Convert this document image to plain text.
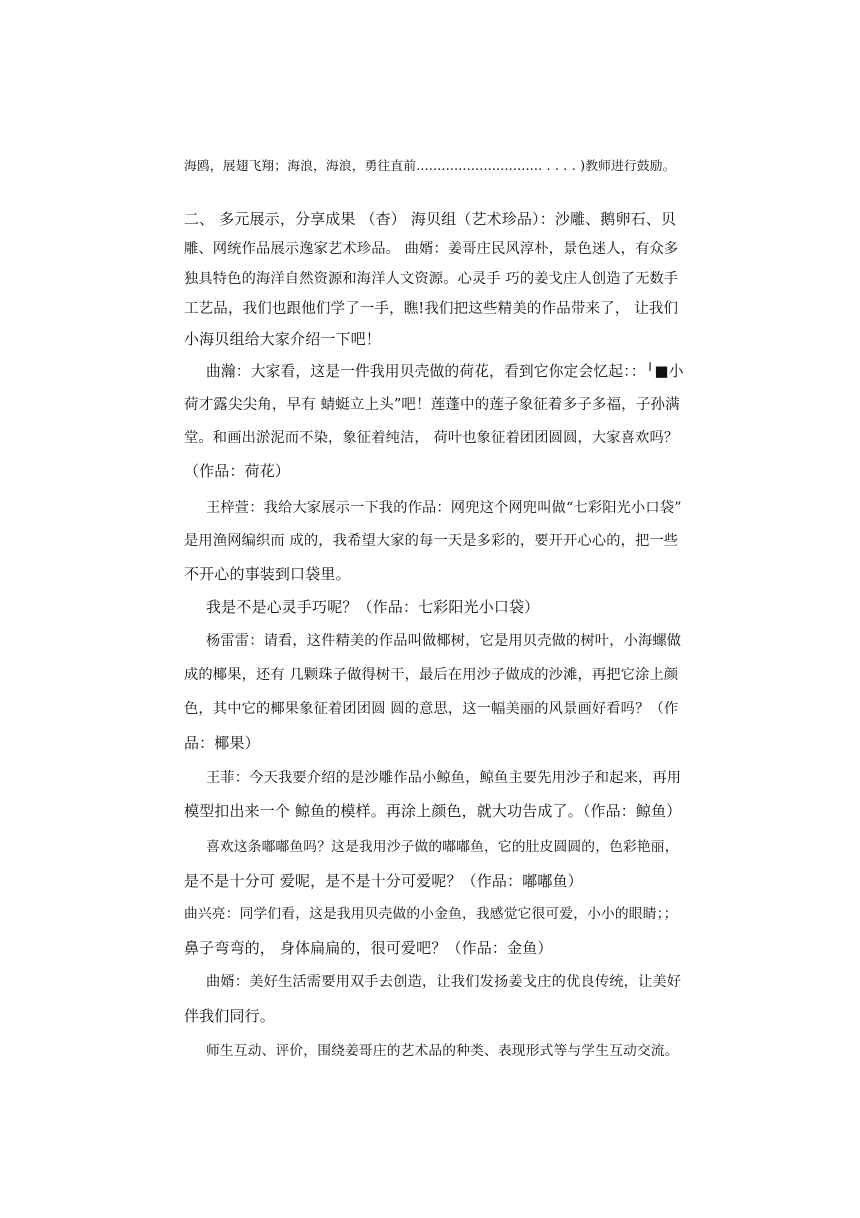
海鸥，展翅飞翔；海浪，海浪，勇往直前.............................. . . . . )教师进行鼓励。
二、 多元展示，分享成果 （杳） 海贝组（艺术珍品）：沙雕、鹅卵石、贝
雕、网统作品展示逸家艺术珍品。 曲婿：姜哥庄民风淳朴，景色迷人，有众多
独具特色的海洋自然资源和海洋人文资源。心灵手 巧的姜戈庄人创造了无数手
工艺品，我们也跟他们学了一手，瞧!我们把这些精美的作品带来了， 让我们
小海贝组给大家介绍一下吧！
曲瀚：大家看，这是一件我用贝壳做的荷花，看到它你定会忆起：：╵■小
荷才露尖尖角，早有 蜻蜓立上头”吧！莲蓬中的莲子象征着多子多福，子孙满
堂。和画出淤泥而不染，象征着纯洁， 荷叶也象征着团团圆圆，大家喜欢吗？
（作品：荷花）
王梓萱：我给大家展示一下我的作品：网兜这个网兜叫做“七彩阳光小口袋”
是用渔网编织而 成的，我希望大家的每一天是多彩的，要开开心心的，把一些
不开心的事装到口袋里。
我是不是心灵手巧呢？（作品：七彩阳光小口袋）
杨雷雷：请看，这件精美的作品叫做椰树，它是用贝壳做的树叶，小海螺做
成的椰果，还有 几颗珠子做得树干，最后在用沙子做成的沙滩，再把它涂上颜
色，其中它的椰果象征着团团圆 圆的意思，这一幅美丽的风景画好看吗？（作
品：椰果）
王菲：今天我要介绍的是沙雕作品小鲸鱼，鲸鱼主要先用沙子和起来，再用
模型扣出来一个 鲸鱼的模样。再涂上颜色，就大功告成了。（作品：鲸鱼）
喜欢这条嘟嘟鱼吗？这是我用沙子做的嘟嘟鱼，它的肚皮圆圆的，色彩艳丽，
是不是十分可 爱呢，是不是十分可爱呢？（作品：嘟嘟鱼）
曲兴亮：同学们看，这是我用贝壳做的小金鱼，我感觉它很可爱，小小的眼睛；；
鼻子弯弯的， 身体扁扁的，很可爱吧？（作品：金鱼）
曲婿：美好生活需要用双手去创造，让我们发扬姜戈庄的优良传统，让美好
伴我们同行。
师生互动、评价，围绕姜哥庄的艺术品的种类、表现形式等与学生互动交流。
